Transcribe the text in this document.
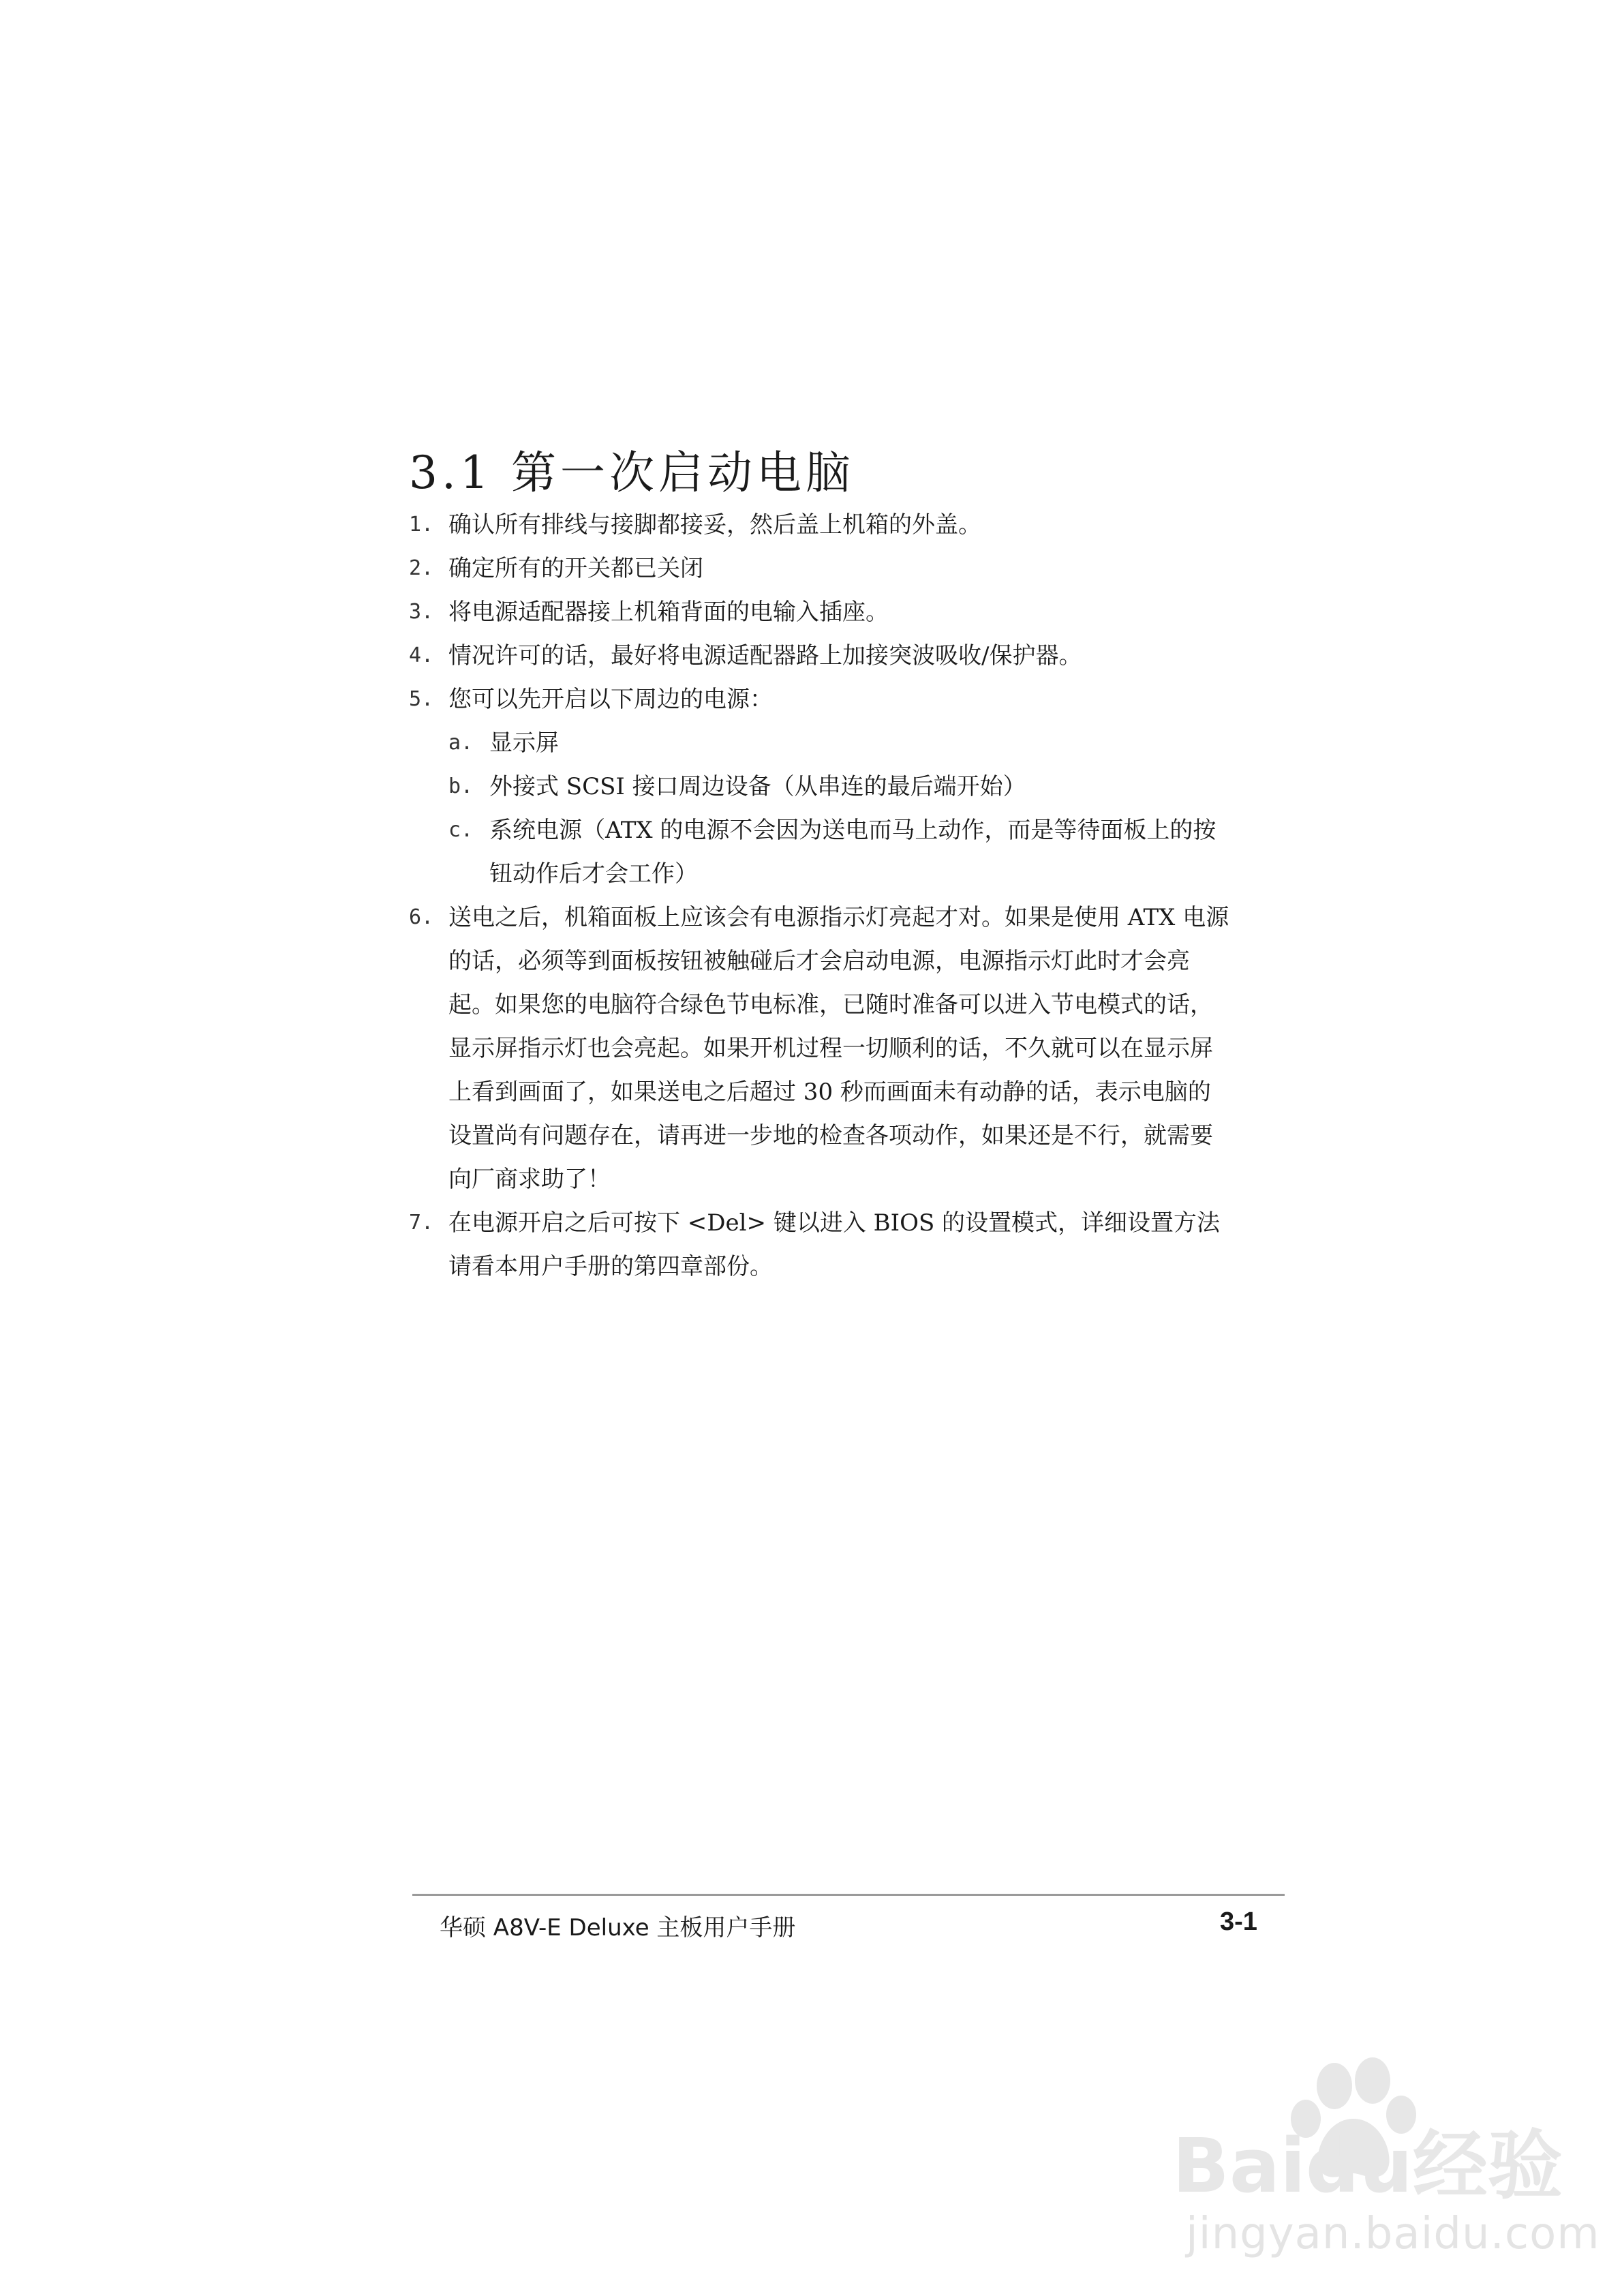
3.1 第一次启动电脑
1. 确认所有排线与接脚都接妥，然后盖上机箱的外盖。
2. 确定所有的开关都已关闭
3. 将电源适配器接上机箱背面的电输入插座。
4. 情况许可的话，最好将电源适配器路上加接突波吸收/保护器。
5. 您可以先开启以下周边的电源：
a. 显示屏
b. 外接式 SCSI 接口周边设备（从串连的最后端开始）
c. 系统电源（ATX 的电源不会因为送电而马上动作，而是等待面板上的按钮动作后才会工作）
6. 送电之后，机箱面板上应该会有电源指示灯亮起才对。如果是使用 ATX 电源的话，必须等到面板按钮被触碰后才会启动电源，电源指示灯此时才会亮起。如果您的电脑符合绿色节电标准，已随时准备可以进入节电模式的话，显示屏指示灯也会亮起。如果开机过程一切顺利的话，不久就可以在显示屏上看到画面了，如果送电之后超过 30 秒而画面未有动静的话，表示电脑的设置尚有问题存在，请再进一步地的检查各项动作，如果还是不行，就需要向厂商求助了！
7. 在电源开启之后可按下 <Del> 键以进入 BIOS 的设置模式，详细设置方法请看本用户手册的第四章部份。
华硕 A8V-E Deluxe 主板用户手册	3-1
Baidu经验
jingyan.baidu.com
